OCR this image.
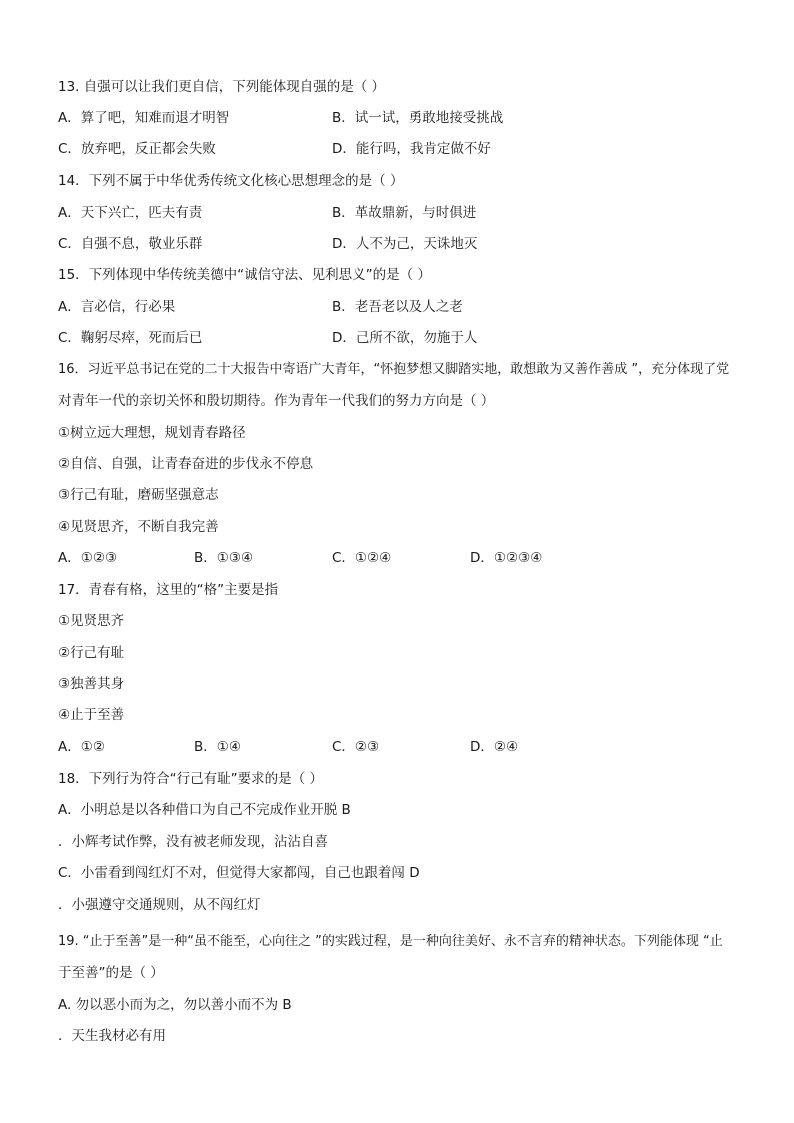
13. 自强可以让我们更自信，下列能体现自强的是（ ）
A．算了吧，知难而退才明智	B．试一试，勇敢地接受挑战
C．放弃吧，反正都会失败	D．能行吗，我肯定做不好
14．下列不属于中华优秀传统文化核心思想理念的是（ ）
A．天下兴亡，匹夫有责	B．革故鼎新，与时俱进
C．自强不息，敬业乐群	D．人不为己，天诛地灭
15．下列体现中华传统美德中“诚信守法、见利思义”的是（ ）
A．言必信，行必果	B．老吾老以及人之老
C．鞠躬尽瘁，死而后已	D．己所不欲，勿施于人
16．习近平总书记在党的二十大报告中寄语广大青年，“怀抱梦想又脚踏实地，敢想敢为又善作善成 ”，充分体现了党
对青年一代的亲切关怀和殷切期待。作为青年一代我们的努力方向是（ ）
①树立远大理想，规划青春路径
②自信、自强，让青春奋进的步伐永不停息
③行己有耻，磨砺坚强意志
④见贤思齐，不断自我完善
A．①②③	B．①③④	C．①②④	D．①②③④
17．青春有格，这里的“格”主要是指
①见贤思齐
②行己有耻
③独善其身
④止于至善
A．①②	B．①④	C．②③	D．②④
18．下列行为符合“行己有耻”要求的是（ ）
A．小明总是以各种借口为自己不完成作业开脱 B
．小辉考试作弊，没有被老师发现，沾沾自喜
C．小雷看到闯红灯不对，但觉得大家都闯，自己也跟着闯 D
．小强遵守交通规则，从不闯红灯
19. “止于至善”是一种“虽不能至，心向往之 ”的实践过程，是一种向往美好、永不言弃的精神状态。下列能体现 “止
于至善”的是（ ）
A. 勿以恶小而为之，勿以善小而不为 B
．天生我材必有用
